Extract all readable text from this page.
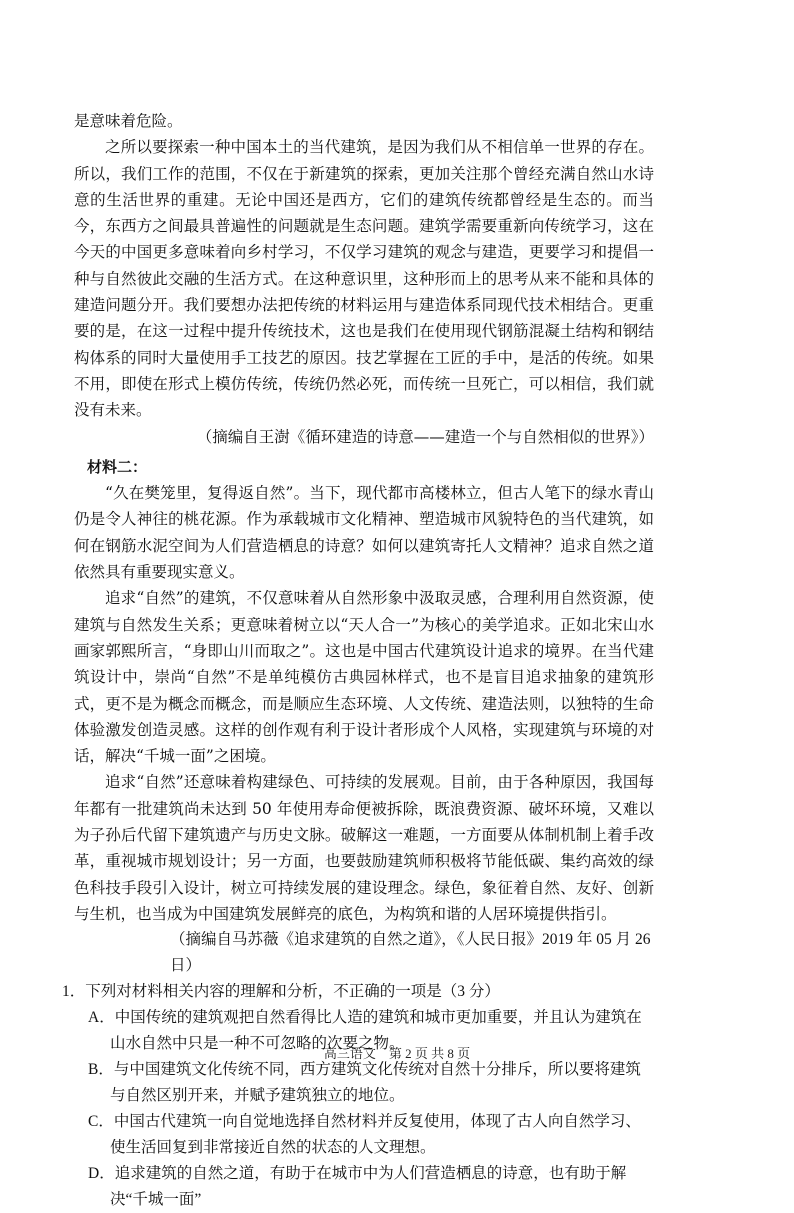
是意味着危险。

之所以要探索一种中国本土的当代建筑，是因为我们从不相信单一世界的存在。所以，我们工作的范围，不仅在于新建筑的探索，更加关注那个曾经充满自然山水诗意的生活世界的重建。无论中国还是西方，它们的建筑传统都曾经是生态的。而当今，东西方之间最具普遍性的问题就是生态问题。建筑学需要重新向传统学习，这在今天的中国更多意味着向乡村学习，不仅学习建筑的观念与建造，更要学习和提倡一种与自然彼此交融的生活方式。在这种意识里，这种形而上的思考从来不能和具体的建造问题分开。我们要想办法把传统的材料运用与建造体系同现代技术相结合。更重要的是，在这一过程中提升传统技术，这也是我们在使用现代钢筋混凝土结构和钢结构体系的同时大量使用手工技艺的原因。技艺掌握在工匠的手中，是活的传统。如果不用，即使在形式上模仿传统，传统仍然必死，而传统一旦死亡，可以相信，我们就没有未来。

（摘编自王澍《循环建造的诗意——建造一个与自然相似的世界》）

材料二：

“久在樊笼里，复得返自然”。当下，现代都市高楼林立，但古人笔下的绿水青山仍是令人神往的桃花源。作为承载城市文化精神、塑造城市风貌特色的当代建筑，如何在钢筋水泥空间为人们营造栖息的诗意？如何以建筑寄托人文精神？追求自然之道依然具有重要现实意义。

追求“自然”的建筑，不仅意味着从自然形象中汲取灵感，合理利用自然资源，使建筑与自然发生关系；更意味着树立以“天人合一”为核心的美学追求。正如北宋山水画家郭熙所言，“身即山川而取之”。这也是中国古代建筑设计追求的境界。在当代建筑设计中，崇尚“自然”不是单纯模仿古典园林样式，也不是盲目追求抽象的建筑形式，更不是为概念而概念，而是顺应生态环境、人文传统、建造法则，以独特的生命体验激发创造灵感。这样的创作观有利于设计者形成个人风格，实现建筑与环境的对话，解决“千城一面”之困境。

追求“自然”还意味着构建绿色、可持续的发展观。目前，由于各种原因，我国每年都有一批建筑尚未达到 50 年使用寿命便被拆除，既浪费资源、破坏环境，又难以为子孙后代留下建筑遗产与历史文脉。破解这一难题，一方面要从体制机制上着手改革，重视城市规划设计；另一方面，也要鼓励建筑师积极将节能低碳、集约高效的绿色科技手段引入设计，树立可持续发展的建设理念。绿色，象征着自然、友好、创新与生机，也当成为中国建筑发展鲜亮的底色，为构筑和谐的人居环境提供指引。

（摘编自马苏薇《追求建筑的自然之道》，《人民日报》2019 年 05 月 26 日）

1．下列对材料相关内容的理解和分析，不正确的一项是（3 分）

A．中国传统的建筑观把自然看得比人造的建筑和城市更加重要，并且认为建筑在山水自然中只是一种不可忽略的次要之物。

B．与中国建筑文化传统不同，西方建筑文化传统对自然十分排斥，所以要将建筑与自然区别开来，并赋予建筑独立的地位。

C．中国古代建筑一向自觉地选择自然材料并反复使用，体现了古人向自然学习、使生活回复到非常接近自然的状态的人文理想。

D．追求建筑的自然之道，有助于在城市中为人们营造栖息的诗意，也有助于解决“千城一面”

高三语文　第 2 页 共 8 页
